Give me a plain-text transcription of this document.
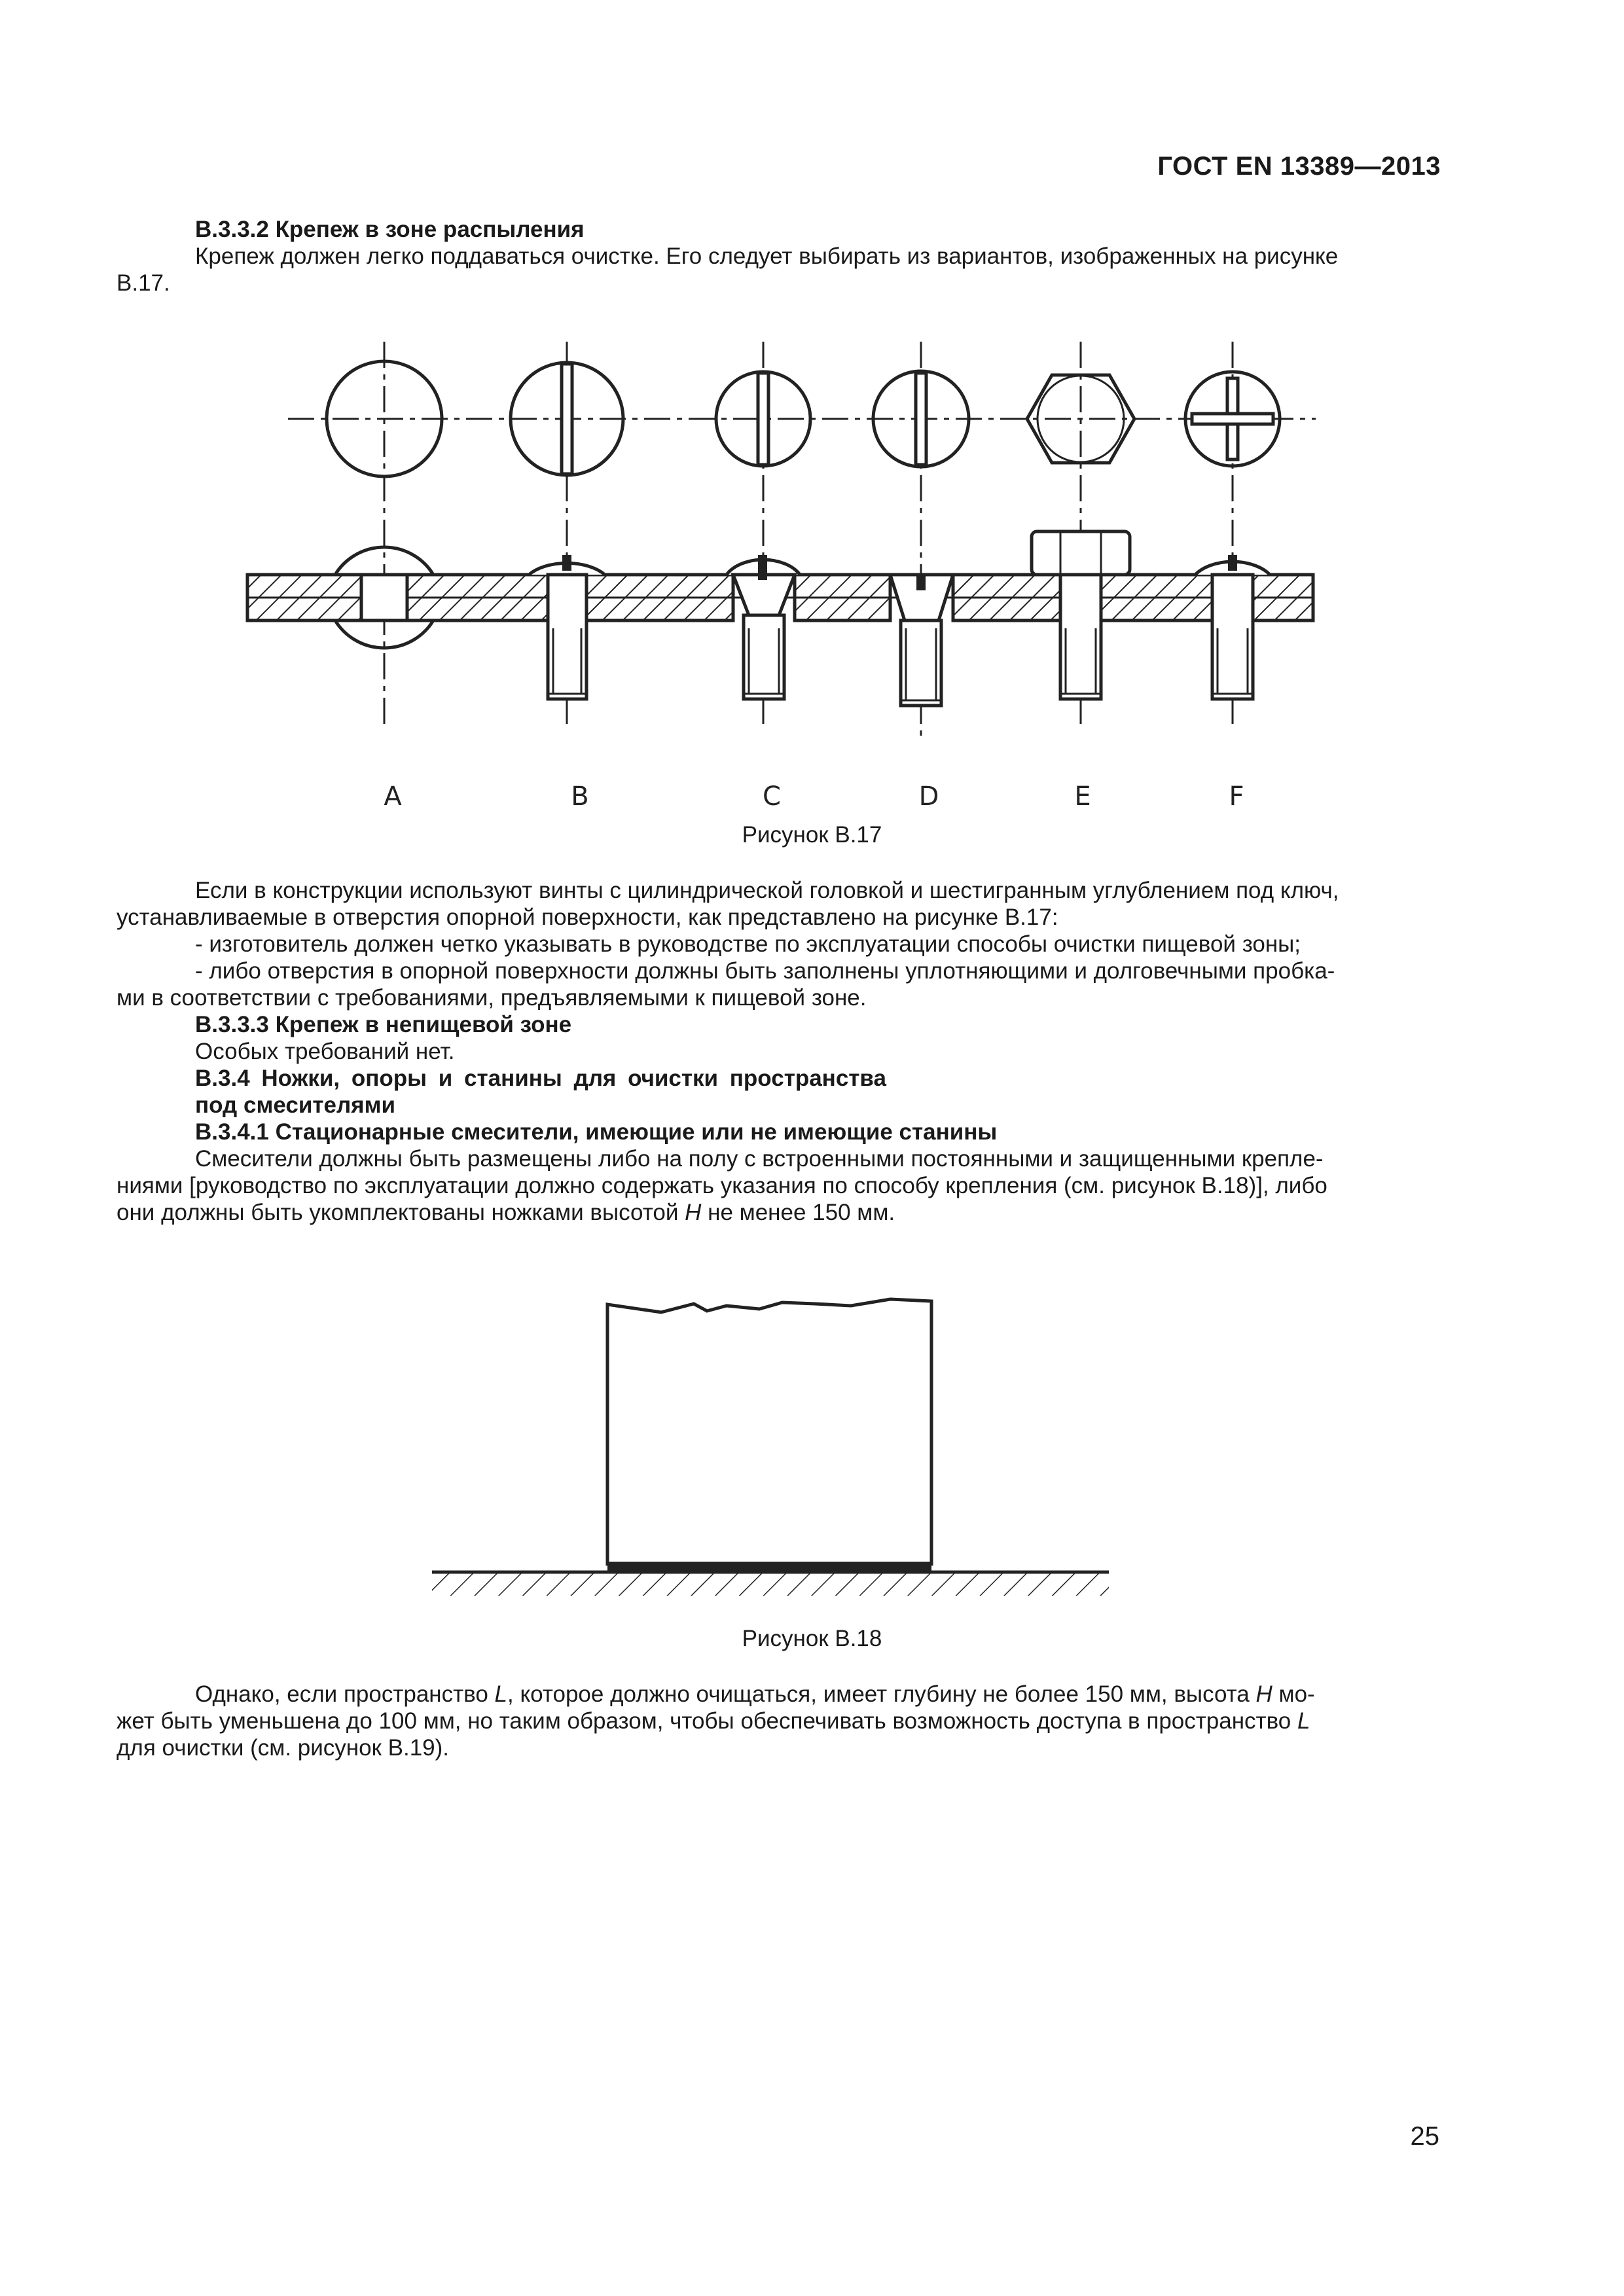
ГОСТ EN 13389—2013

В.3.3.2 Крепеж в зоне распыления

Крепеж должен легко поддаваться очистке. Его следует выбирать из вариантов, изображенных на рисунке

В.17.

A	B	C	D	E	F
Рисунок В.17

Если в конструкции используют винты с цилиндрической головкой и шестигранным углублением под ключ,

устанавливаемые в отверстия опорной поверхности, как представлено на рисунке В.17:

- изготовитель должен четко указывать в руководстве по эксплуатации способы очистки пищевой зоны;

- либо отверстия в опорной поверхности должны быть заполнены уплотняющими и долговечными пробка-

ми в соответствии с требованиями, предъявляемыми к пищевой зоне.

В.3.3.3 Крепеж в непищевой зоне

Особых требований нет.

В.3.4 Ножки, опоры и станины для очистки пространства

под смесителями

В.3.4.1 Стационарные смесители, имеющие или не имеющие станины

Смесители должны быть размещены либо на полу с встроенными постоянными и защищенными крепле-

ниями [руководство по эксплуатации должно содержать указания по способу крепления (см. рисунок В.18)], либо

они должны быть укомплектованы ножками высотой H не менее 150 мм.

Рисунок В.18

Однако, если пространство L, которое должно очищаться, имеет глубину не более 150 мм, высота H мо-

жет быть уменьшена до 100 мм, но таким образом, чтобы обеспечивать возможность доступа в пространство L

для очистки (см. рисунок В.19).

25
